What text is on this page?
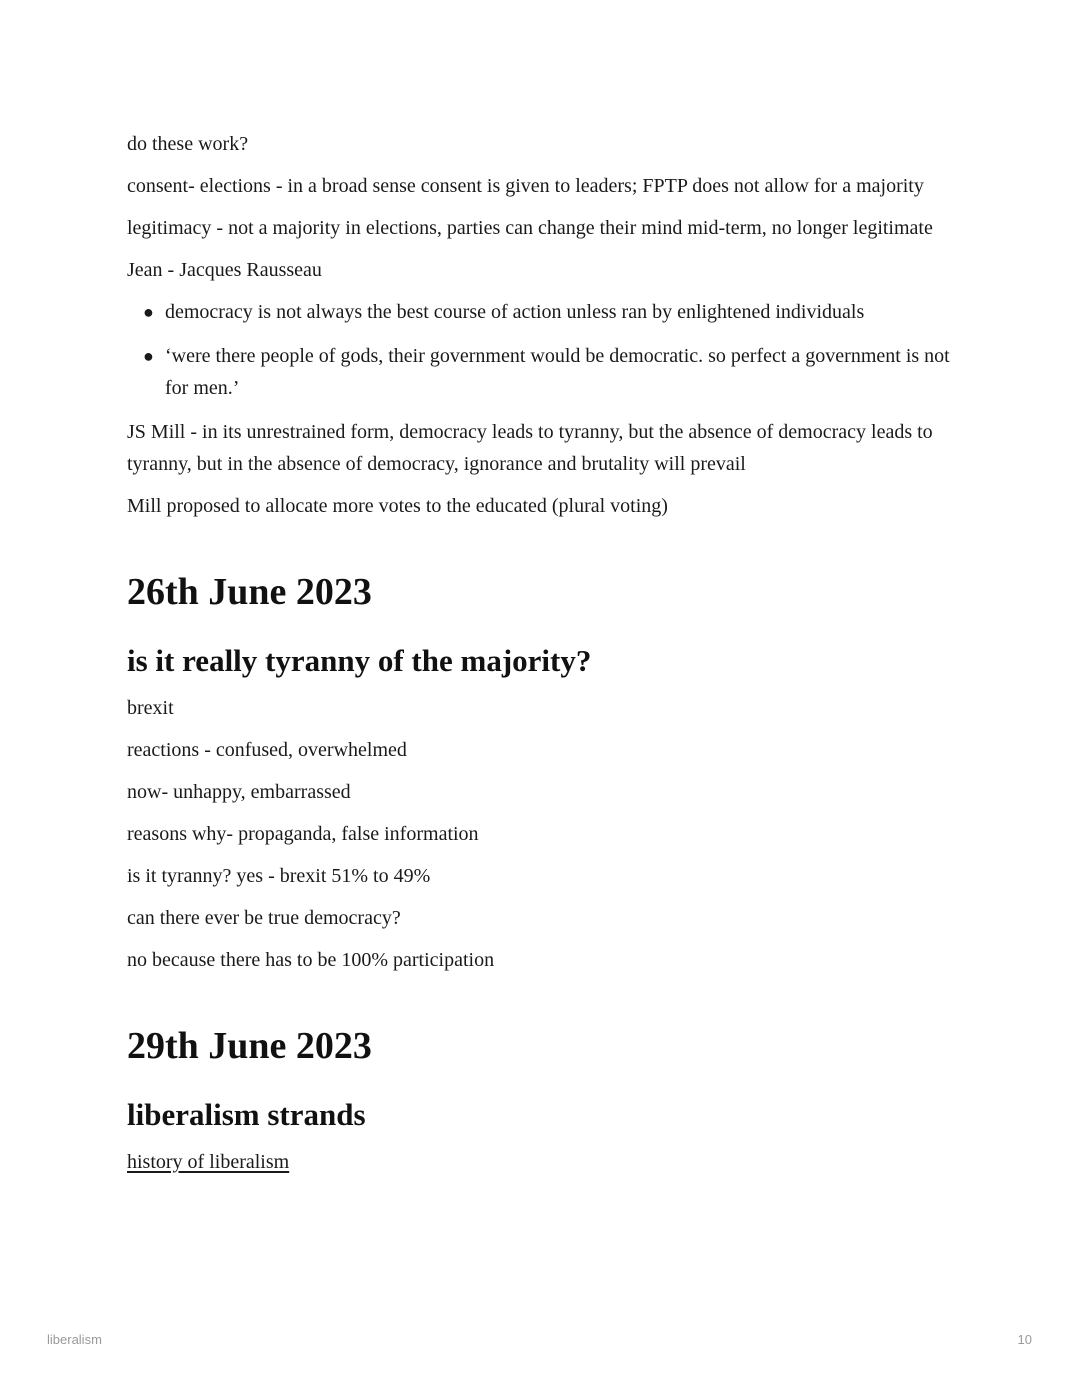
do these work?

consent- elections - in a broad sense consent is given to leaders; FPTP does not allow for a majority

legitimacy - not a majority in elections, parties can change their mind mid-term, no longer legitimate

Jean - Jacques Rausseau

● democracy is not always the best course of action unless ran by enlightened individuals
● ‘were there people of gods, their government would be democratic. so perfect a government is not for men.’

JS Mill - in its unrestrained form, democracy leads to tyranny, but the absence of democracy leads to tyranny, but in the absence of democracy, ignorance and brutality will prevail

Mill proposed to allocate more votes to the educated (plural voting)

26th June 2023
is it really tyranny of the majority?

brexit

reactions - confused, overwhelmed

now- unhappy, embarrassed

reasons why- propaganda, false information

is it tyranny? yes - brexit 51% to 49%

can there ever be true democracy?

no because there has to be 100% participation

29th June 2023
liberalism strands

history of liberalism

liberalism	10
